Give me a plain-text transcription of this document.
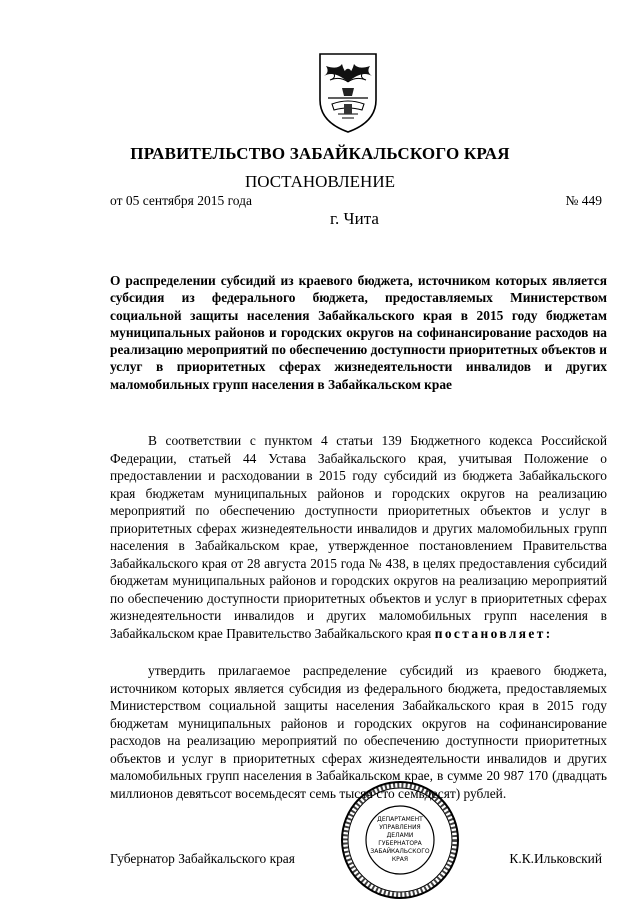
ПРАВИТЕЛЬСТВО ЗАБАЙКАЛЬСКОГО КРАЯ
ПОСТАНОВЛЕНИЕ
от 05 сентября 2015 года	№ 449
г. Чита
О распределении субсидий из краевого бюджета, источником которых является субсидия из федерального бюджета, предоставляемых Министерством социальной защиты населения Забайкальского края в 2015 году бюджетам муниципальных районов и городских округов на софинансирование расходов на реализацию мероприятий по обеспечению доступности приоритетных объектов и услуг в приоритетных сферах жизнедеятельности инвалидов и других маломобильных групп населения в Забайкальском крае

В соответствии с пунктом 4 статьи 139 Бюджетного кодекса Российской Федерации, статьей 44 Устава Забайкальского края, учитывая Положение о предоставлении и расходовании в 2015 году субсидий из бюджета Забайкальского края бюджетам муниципальных районов и городских округов на реализацию мероприятий по обеспечению доступности приоритетных объектов и услуг в приоритетных сферах жизнедеятельности инвалидов и других маломобильных групп населения в Забайкальском крае, утвержденное постановлением Правительства Забайкальского края от 28 августа 2015 года № 438, в целях предоставления субсидий бюджетам муниципальных районов и городских округов на реализацию мероприятий по обеспечению доступности приоритетных объектов и услуг в приоритетных сферах жизнедеятельности инвалидов и других маломобильных групп населения в Забайкальском крае Правительство Забайкальского края постановляет:

утвердить прилагаемое распределение субсидий из краевого бюджета, источником которых является субсидия из федерального бюджета, предоставляемых Министерством социальной защиты населения Забайкальского края в 2015 году бюджетам муниципальных районов и городских округов на софинансирование расходов на реализацию мероприятий по обеспечению доступности приоритетных объектов и услуг в приоритетных сферах жизнедеятельности инвалидов и других маломобильных групп населения в Забайкальском крае, в сумме 20 987 170 (двадцать миллионов девятьсот восемьдесят семь тысяч сто семьдесят) рублей.

Губернатор Забайкальского края	К.К.Ильковский
ДЕПАРТАМЕНТ
УПРАВЛЕНИЯ
ДЕЛАМИ
ГУБЕРНАТОРА
ЗАБАЙКАЛЬСКОГО
КРАЯ
